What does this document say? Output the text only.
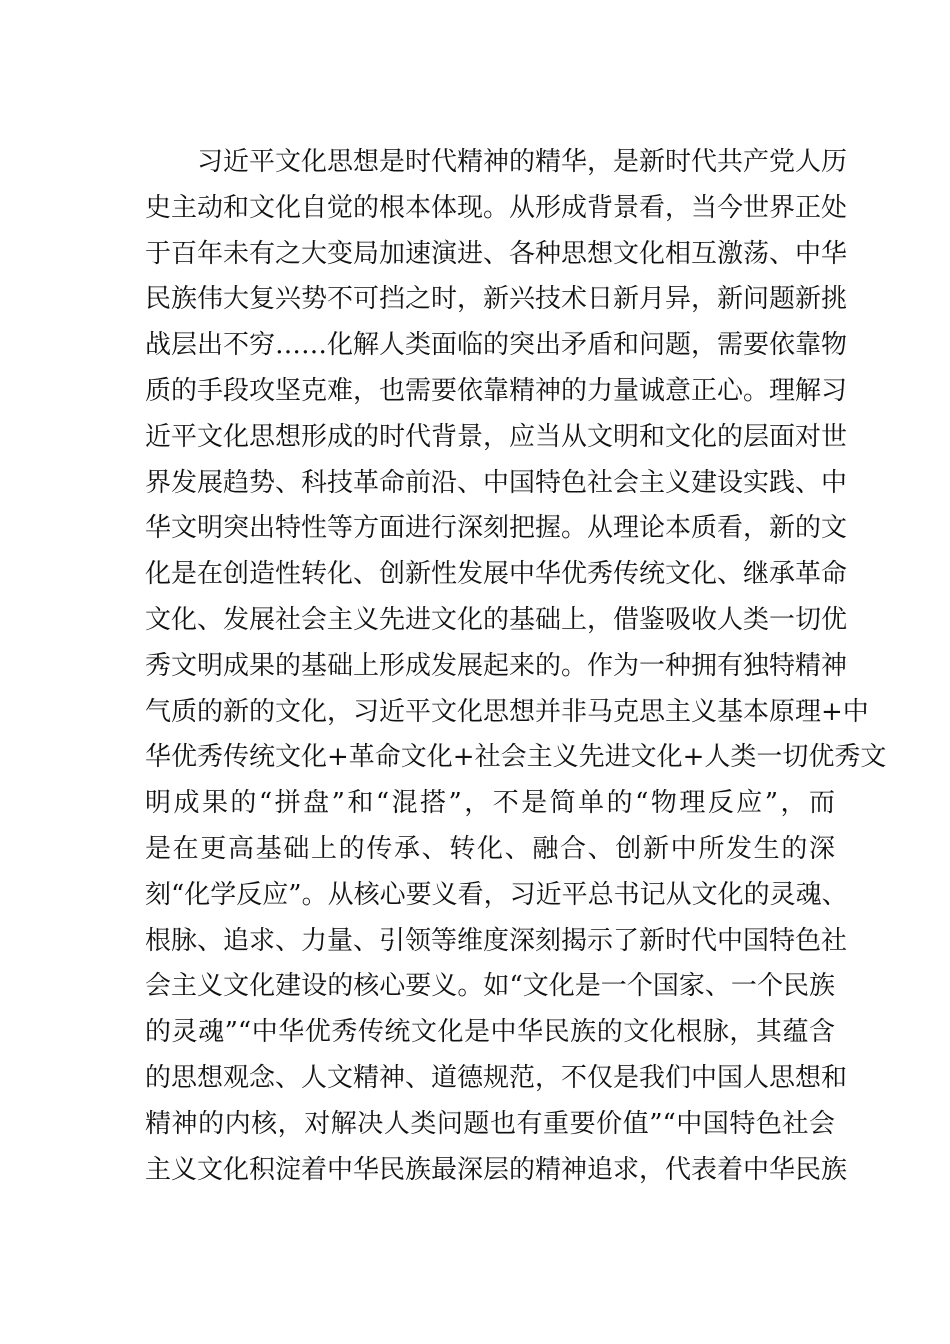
　　习近平文化思想是时代精神的精华，是新时代共产党人历
史主动和文化自觉的根本体现。从形成背景看，当今世界正处
于百年未有之大变局加速演进、各种思想文化相互激荡、中华
民族伟大复兴势不可挡之时，新兴技术日新月异，新问题新挑
战层出不穷……化解人类面临的突出矛盾和问题，需要依靠物
质的手段攻坚克难，也需要依靠精神的力量诚意正心。理解习
近平文化思想形成的时代背景，应当从文明和文化的层面对世
界发展趋势、科技革命前沿、中国特色社会主义建设实践、中
华文明突出特性等方面进行深刻把握。从理论本质看，新的文
化是在创造性转化、创新性发展中华优秀传统文化、继承革命
文化、发展社会主义先进文化的基础上，借鉴吸收人类一切优
秀文明成果的基础上形成发展起来的。作为一种拥有独特精神
气质的新的文化，习近平文化思想并非马克思主义基本原理+中
华优秀传统文化+革命文化+社会主义先进文化+人类一切优秀文
明成果的“拼盘”和“混搭”，不是简单的“物理反应”，而
是在更高基础上的传承、转化、融合、创新中所发生的深
刻“化学反应”。从核心要义看，习近平总书记从文化的灵魂、
根脉、追求、力量、引领等维度深刻揭示了新时代中国特色社
会主义文化建设的核心要义。如“文化是一个国家、一个民族
的灵魂”“中华优秀传统文化是中华民族的文化根脉，其蕴含
的思想观念、人文精神、道德规范，不仅是我们中国人思想和
精神的内核，对解决人类问题也有重要价值”“中国特色社会
主义文化积淀着中华民族最深层的精神追求，代表着中华民族
